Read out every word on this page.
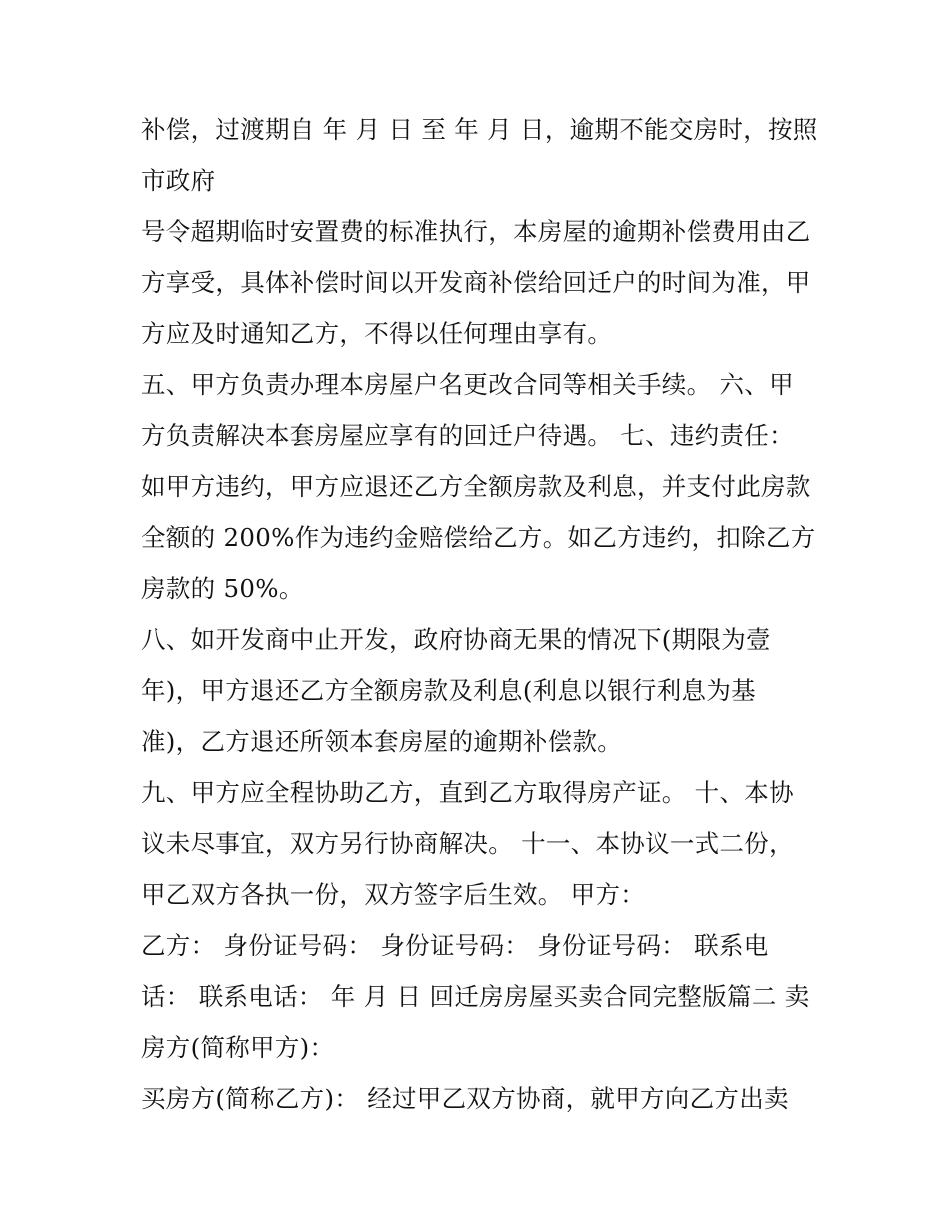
补偿，过渡期自 年 月 日 至 年 月 日，逾期不能交房时，按照
市政府
号令超期临时安置费的标准执行，本房屋的逾期补偿费用由乙
方享受，具体补偿时间以开发商补偿给回迁户的时间为准，甲
方应及时通知乙方，不得以任何理由享有。
五、甲方负责办理本房屋户名更改合同等相关手续。 六、甲
方负责解决本套房屋应享有的回迁户待遇。 七、违约责任：
如甲方违约，甲方应退还乙方全额房款及利息，并支付此房款
全额的 200%作为违约金赔偿给乙方。如乙方违约，扣除乙方
房款的 50%。
八、如开发商中止开发，政府协商无果的情况下(期限为壹
年)，甲方退还乙方全额房款及利息(利息以银行利息为基
准)，乙方退还所领本套房屋的逾期补偿款。
九、甲方应全程协助乙方，直到乙方取得房产证。 十、本协
议未尽事宜，双方另行协商解决。 十一、本协议一式二份，
甲乙双方各执一份，双方签字后生效。 甲方：
乙方： 身份证号码： 身份证号码： 身份证号码： 联系电
话： 联系电话： 年 月 日 回迁房房屋买卖合同完整版篇二 卖
房方(简称甲方)：
买房方(简称乙方)： 经过甲乙双方协商，就甲方向乙方出卖
